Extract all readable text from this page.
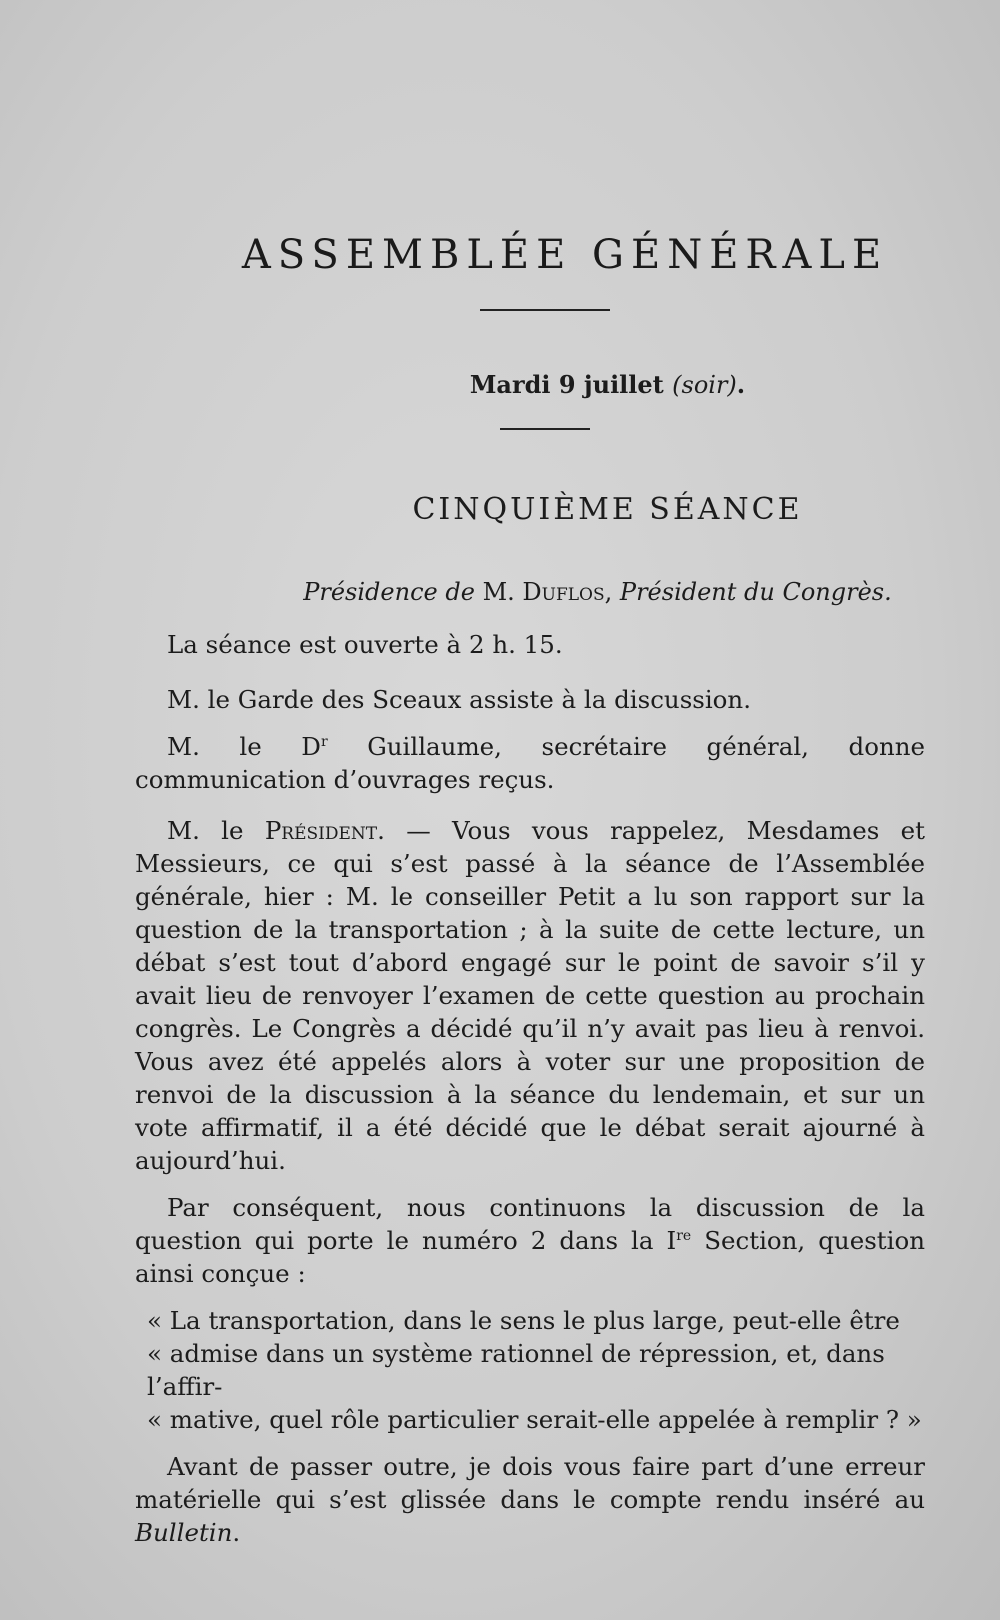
ASSEMBLÉE GÉNÉRALE
Mardi 9 juillet (soir).
CINQUIÈME SÉANCE
Présidence de M. Duflos, Président du Congrès.

La séance est ouverte à 2 h. 15.

M. le Garde des Sceaux assiste à la discussion.

M. le $D^r$ Guillaume, secrétaire général, donne communication d’ouvrages reçus.

M. le Président. — Vous vous rappelez, Mesdames et Messieurs, ce qui s’est passé à la séance de l’Assemblée générale, hier : M. le conseiller Petit a lu son rapport sur la question de la transportation ; à la suite de cette lecture, un débat s’est tout d’abord engagé sur le point de savoir s’il y avait lieu de renvoyer l’examen de cette question au prochain congrès. Le Congrès a décidé qu’il n’y avait pas lieu à renvoi. Vous avez été appelés alors à voter sur une proposition de renvoi de la discussion à la séance du lendemain, et sur un vote affirmatif, il a été décidé que le débat serait ajourné à aujourd’hui.

Par conséquent, nous continuons la discussion de la question qui porte le numéro 2 dans la Ire Section, question ainsi conçue :

« La transportation, dans le sens le plus large, peut-elle être
« admise dans un système rationnel de répression, et, dans l’affir-
« mative, quel rôle particulier serait-elle appelée à remplir ? »

Avant de passer outre, je dois vous faire part d’une erreur matérielle qui s’est glissée dans le compte rendu inséré au Bulletin.
